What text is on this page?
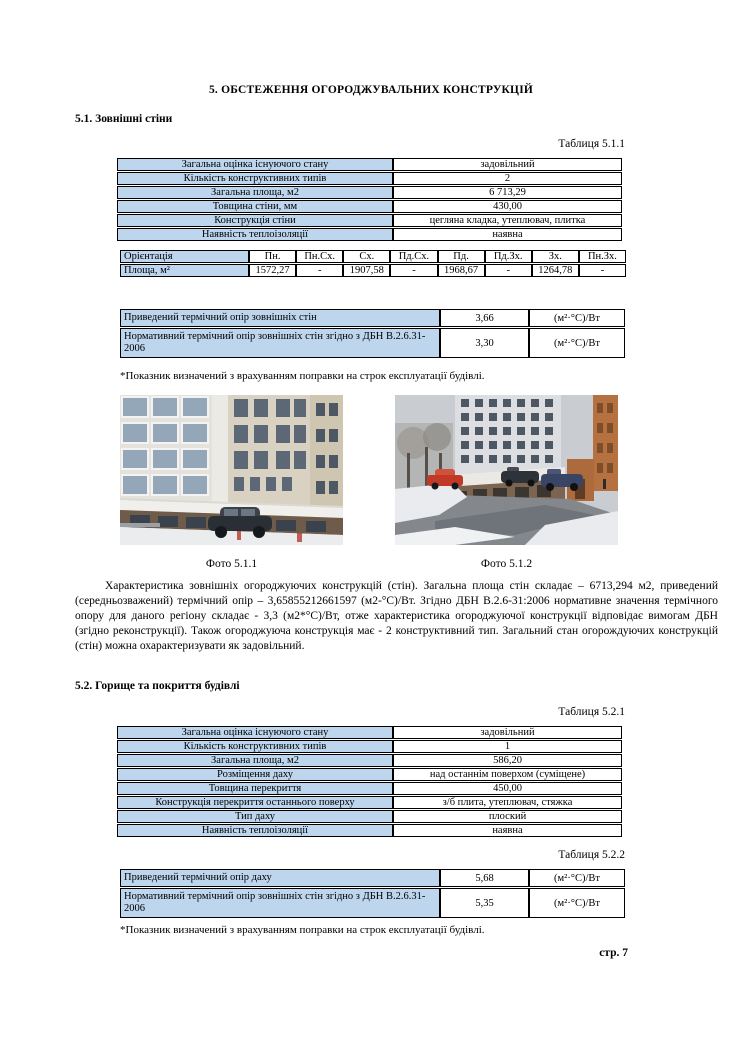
5. ОБСТЕЖЕННЯ ОГОРОДЖУВАЛЬНИХ КОНСТРУКЦІЙ
5.1. Зовнішні стіни
Таблиця 5.1.1
Загальна оцінка існуючого стану	задовільний
Кількість конструктивних типів	2
Загальна площа, м2	6 713,29
Товщина стіни, мм	430,00
Конструкція стіни	цегляна кладка, утеплювач, плитка
Наявність теплоізоляції	наявна
Орієнтація	Пн.	Пн.Сх.	Сх.	Пд.Сх.	Пд.	Пд.Зх.	Зх.	Пн.Зх.
Площа, м²	1572,27	-	1907,58	-	1968,67	-	1264,78	-
Приведений термічний опір зовнішніх стін	3,66	(м²·°С)/Вт
Нормативний термічний опір зовнішніх стін згідно з ДБН В.2.6.31-2006	3,30	(м²·°С)/Вт
*Показник визначений з врахуванням поправки на строк експлуатації будівлі.
Фото 5.1.1	Фото 5.1.2

Характеристика зовнішніх огороджуючих конструкцій (стін). Загальна площа стін складає – 6713,294 м2, приведений (середньозважений) термічний опір – 3,65855212661597 (м2-°С)/Вт. Згідно ДБН В.2.6-31:2006 нормативне значення термічного опору для даного регіону складає - 3,3 (м2*°С)/Вт, отже характеристика огороджуючої конструкції відповідає вимогам ДБН (згідно реконструкції). Також огороджуюча конструкція має - 2 конструктивний тип. Загальний стан огорождуючих конструкцій (стін) можна охарактеризувати як задовільний.

5.2. Горище та покриття будівлі
Таблиця 5.2.1
Загальна оцінка існуючого стану	задовільний
Кількість конструктивних типів	1
Загальна площа, м2	586,20
Розміщення даху	над останнім поверхом (суміщене)
Товщина перекриття	450,00
Конструкція перекриття останнього поверху	з/б плита, утеплювач, стяжка
Тип даху	плоский
Наявність теплоізоляції	наявна
Таблиця 5.2.2
Приведений термічний опір даху	5,68	(м²·°С)/Вт
Нормативний термічний опір зовнішніх стін згідно з ДБН В.2.6.31-2006	5,35	(м²·°С)/Вт
*Показник визначений з врахуванням поправки на строк експлуатації будівлі.
стр. 7
